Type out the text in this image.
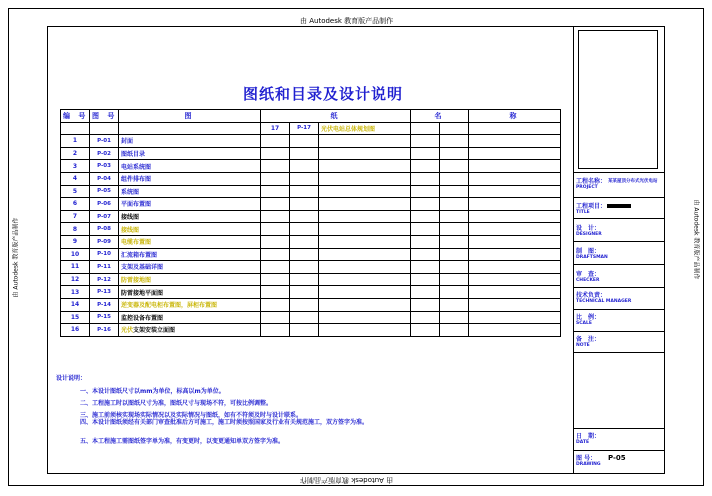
由 Autodesk 教育版产品制作
由 Autodesk 教育版产品制作
由 Autodesk 教育版产品制作	由 Autodesk 教育版产品制作
图纸和目录及设计说明
编 号	图 号	图	纸			名		称
			17	P-17	光伏电站总体规划图			
1	P-01	封面						
2	P-02	图纸目录						
3	P-03	电站系统图						
4	P-04	组件排布图						
5	P-05	系统图						
6	P-06	平面布置图						
7	P-07	接线图						
8	P-08	接线图						
9	P-09	电缆布置图						
10	P-10	汇流箱布置图						
11	P-11	支架及基础详图						
12	P-12	防雷接地图						
13	P-13	防雷接地平面图						
14	P-14	逆变器及配电柜布置图，屏柜布置图						
15	P-15	监控设备布置图						
16	P-16	光伏支架安装立面图						
设计说明：
一、本设计图纸尺寸以mm为单位，标高以m为单位。
二、工程施工时以图纸尺寸为准，图纸尺寸与现场不符，可按比例调整。
三、施工前须核实现场实际情况以及实际情况与图纸，如有不符须及时与设计联系。
四、本设计图纸须经有关部门审查批准后方可施工，施工时须按照国家及行业有关规范施工，双方签字为准。
五、本工程施工需图纸签字单为准，有变更时，以变更通知单双方签字为准。
工程名称：
PROJECT
某某屋顶分布式光伏电站
工程项目：
TITLE
设　计：
DESIGNER
制　图：
DRAFTSMAN
审　查：
CHECKER
技术负责：
TECHNICAL MANAGER
比　例：
SCALE
备　注：
NOTE
日　期：
DATE
图 号：
DRAWING
P-05
